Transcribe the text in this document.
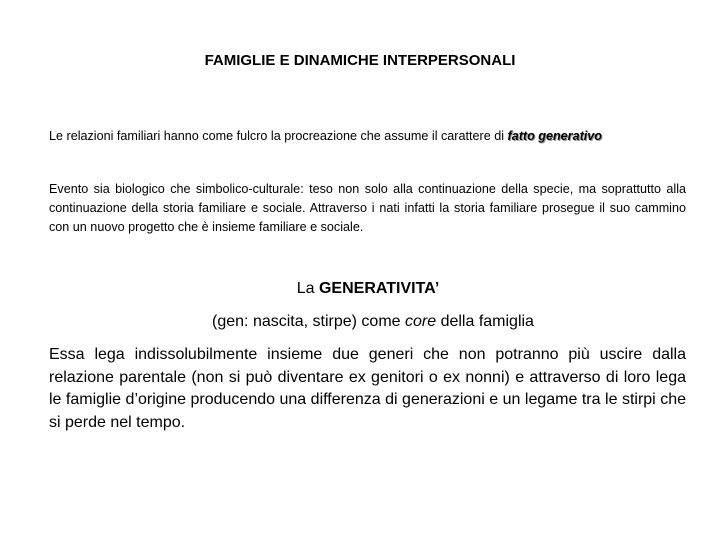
FAMIGLIE E DINAMICHE INTERPERSONALI
Le relazioni familiari hanno come fulcro la procreazione che assume il carattere di fatto generativo
Evento sia biologico che simbolico-culturale: teso non solo alla continuazione della specie, ma soprattutto alla continuazione della storia familiare e sociale. Attraverso i nati infatti la storia familiare prosegue il suo cammino con un nuovo progetto che è insieme familiare e sociale.
La GENERATIVITA’
(gen: nascita, stirpe) come core della famiglia
Essa lega indissolubilmente insieme due generi che non potranno più uscire dalla relazione parentale (non si può diventare ex genitori o ex nonni) e attraverso di loro lega le famiglie d’origine producendo una differenza di generazioni e un legame tra le stirpi che si perde nel tempo.
